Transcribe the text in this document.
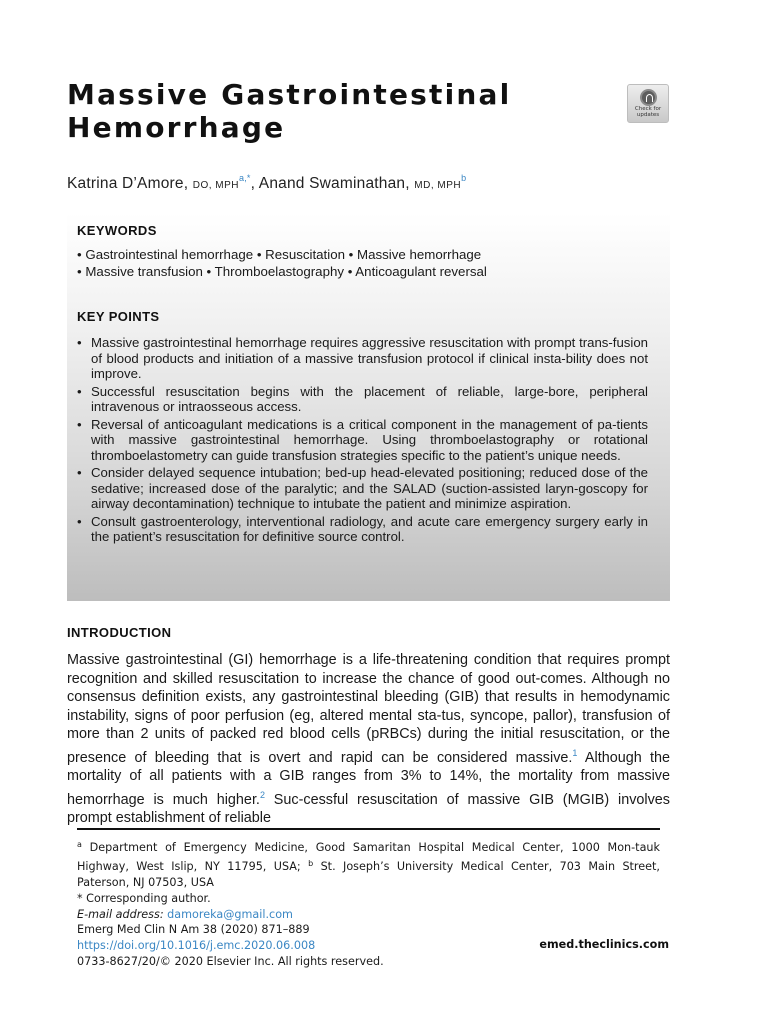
Massive Gastrointestinal
Hemorrhage
Check for
updates
Katrina D’Amore, DO, $MPH^{a,*}$, Anand Swaminathan, MD, MPH$^b$
KEYWORDS
• Gastrointestinal hemorrhage • Resuscitation • Massive hemorrhage
• Massive transfusion • Thromboelastography • Anticoagulant reversal
KEY POINTS
• Massive gastrointestinal hemorrhage requires aggressive resuscitation with prompt trans-fusion of blood products and initiation of a massive transfusion protocol if clinical insta-bility does not improve.
• Successful resuscitation begins with the placement of reliable, large-bore, peripheral intravenous or intraosseous access.
• Reversal of anticoagulant medications is a critical component in the management of pa-tients with massive gastrointestinal hemorrhage. Using thromboelastography or rotational thromboelastometry can guide transfusion strategies specific to the patient’s unique needs.
• Consider delayed sequence intubation; bed-up head-elevated positioning; reduced dose of the sedative; increased dose of the paralytic; and the SALAD (suction-assisted laryn-goscopy for airway decontamination) technique to intubate the patient and minimize aspiration.
• Consult gastroenterology, interventional radiology, and acute care emergency surgery early in the patient’s resuscitation for definitive source control.
INTRODUCTION

Massive gastrointestinal (GI) hemorrhage is a life-threatening condition that requires prompt recognition and skilled resuscitation to increase the chance of good out-comes. Although no consensus definition exists, any gastrointestinal bleeding (GIB) that results in hemodynamic instability, signs of poor perfusion (eg, altered mental sta-tus, syncope, pallor), transfusion of more than 2 units of packed red blood cells (pRBCs) during the initial resuscitation, or the presence of bleeding that is overt and rapid can be considered massive.$^1$ Although the mortality of all patients with a GIB ranges from 3% to 14%, the mortality from massive hemorrhage is much higher.$^2$ Suc-cessful resuscitation of massive GIB (MGIB) involves prompt establishment of reliable

$^a$ Department of Emergency Medicine, Good Samaritan Hospital Medical Center, 1000 Mon-tauk Highway, West Islip, NY 11795, USA; $^b$ St. Joseph’s University Medical Center, 703 Main Street, Paterson, NJ 07503, USA
* Corresponding author.
E-mail address: damoreka@gmail.com
Emerg Med Clin N Am 38 (2020) 871–889
https://doi.org/10.1016/j.emc.2020.06.008
0733-8627/20/© 2020 Elsevier Inc. All rights reserved.
emed.theclinics.com
